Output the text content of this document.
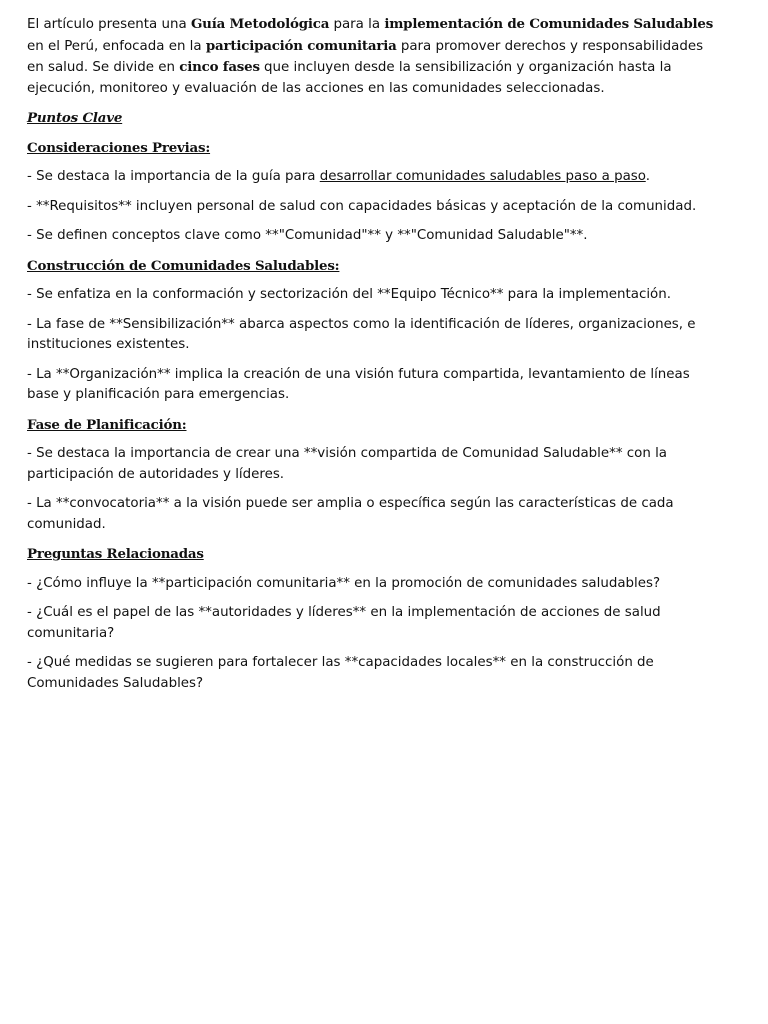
El artículo presenta una Guía Metodológica para la implementación de Comunidades Saludables en el Perú, enfocada en la participación comunitaria para promover derechos y responsabilidades en salud. Se divide en cinco fases que incluyen desde la sensibilización y organización hasta la ejecución, monitoreo y evaluación de las acciones en las comunidades seleccionadas.

Puntos Clave

Consideraciones Previas:

- Se destaca la importancia de la guía para desarrollar comunidades saludables paso a paso.

- **Requisitos** incluyen personal de salud con capacidades básicas y aceptación de la comunidad.

- Se definen conceptos clave como **"Comunidad"** y **"Comunidad Saludable"**.

Construcción de Comunidades Saludables:

- Se enfatiza en la conformación y sectorización del **Equipo Técnico** para la implementación.

- La fase de **Sensibilización** abarca aspectos como la identificación de líderes, organizaciones, e instituciones existentes.

- La **Organización** implica la creación de una visión futura compartida, levantamiento de líneas base y planificación para emergencias.

Fase de Planificación:

- Se destaca la importancia de crear una **visión compartida de Comunidad Saludable** con la participación de autoridades y líderes.

- La **convocatoria** a la visión puede ser amplia o específica según las características de cada comunidad.

Preguntas Relacionadas

- ¿Cómo influye la **participación comunitaria** en la promoción de comunidades saludables?

- ¿Cuál es el papel de las **autoridades y líderes** en la implementación de acciones de salud comunitaria?

- ¿Qué medidas se sugieren para fortalecer las **capacidades locales** en la construcción de Comunidades Saludables?
